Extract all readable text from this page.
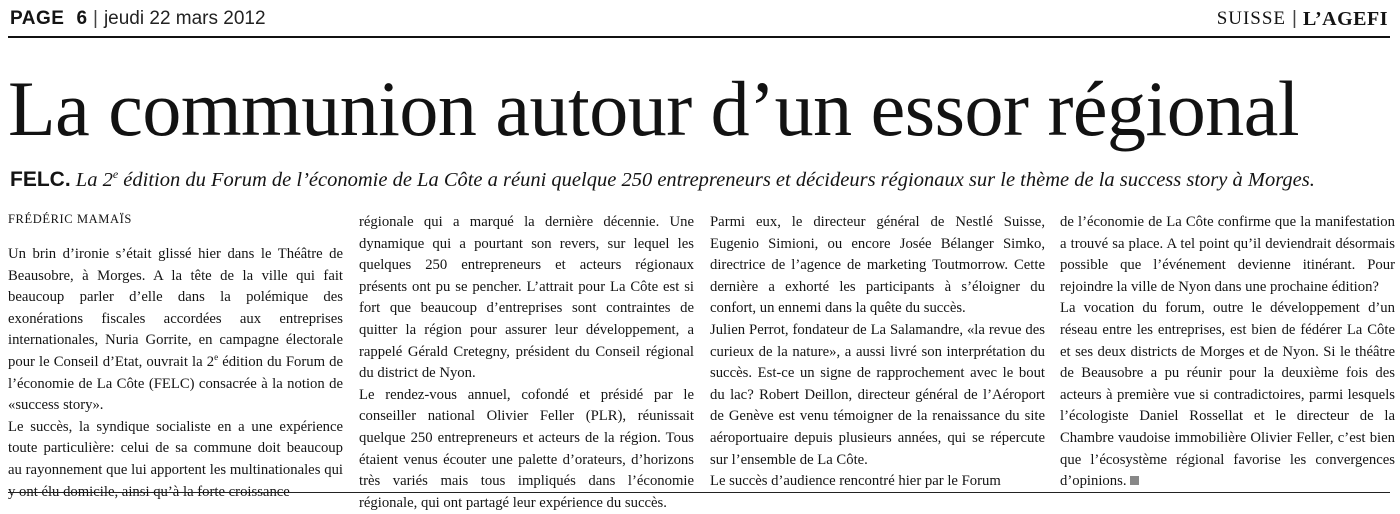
PAGE 6 | jeudi 22 mars 2012	SUISSE | L’AGEFI
La communion autour d’un essor régional
FELC. La 2e édition du Forum de l’économie de La Côte a réuni quelque 250 entrepreneurs et décideurs régionaux sur le thème de la success story à Morges.
FRÉDÉRIC MAMAÏS

Un brin d’ironie s’était glissé hier dans le Théâtre de Beausobre, à Morges. A la tête de la ville qui fait beaucoup parler d’elle dans la polémique des exonérations fiscales accordées aux entreprises internationales, Nuria Gorrite, en campagne électorale pour le Conseil d’Etat, ouvrait la 2e édition du Forum de l’économie de La Côte (FELC) consacrée à la notion de «success story».

Le succès, la syndique socialiste en a une expérience toute particulière: celui de sa commune doit beaucoup au rayonnement que lui apportent les multinationales qui y ont élu domicile, ainsi qu’à la forte croissance

régionale qui a marqué la dernière décennie. Une dynamique qui a pourtant son revers, sur lequel les quelques 250 entrepreneurs et acteurs régionaux présents ont pu se pencher. L’attrait pour La Côte est si fort que beaucoup d’entreprises sont contraintes de quitter la région pour assurer leur développement, a rappelé Gérald Cretegny, président du Conseil régional du district de Nyon.

Le rendez-vous annuel, cofondé et présidé par le conseiller national Olivier Feller (PLR), réunissait quelque 250 entrepreneurs et acteurs de la région. Tous étaient venus écouter une palette d’orateurs, d’horizons très variés mais tous impliqués dans l’économie régionale, qui ont partagé leur expérience du succès.

Parmi eux, le directeur général de Nestlé Suisse, Eugenio Simioni, ou encore Josée Bélanger Simko, directrice de l’agence de marketing Toutmorrow. Cette dernière a exhorté les participants à s’éloigner du confort, un ennemi dans la quête du succès.

Julien Perrot, fondateur de La Salamandre, «la revue des curieux de la nature», a aussi livré son interprétation du succès. Est-ce un signe de rapprochement avec le bout du lac? Robert Deillon, directeur général de l’Aéroport de Genève est venu témoigner de la renaissance du site aéroportuaire depuis plusieurs années, qui se répercute sur l’ensemble de La Côte.

Le succès d’audience rencontré hier par le Forum

de l’économie de La Côte confirme que la manifestation a trouvé sa place. A tel point qu’il deviendrait désormais possible que l’événement devienne itinérant. Pour rejoindre la ville de Nyon dans une prochaine édition?

La vocation du forum, outre le développement d’un réseau entre les entreprises, est bien de fédérer La Côte et ses deux districts de Morges et de Nyon. Si le théâtre de Beausobre a pu réunir pour la deuxième fois des acteurs à première vue si contradictoires, parmi lesquels l’écologiste Daniel Rossellat et le directeur de la Chambre vaudoise immobilière Olivier Feller, c’est bien que l’écosystème régional favorise les convergences d’opinions.
